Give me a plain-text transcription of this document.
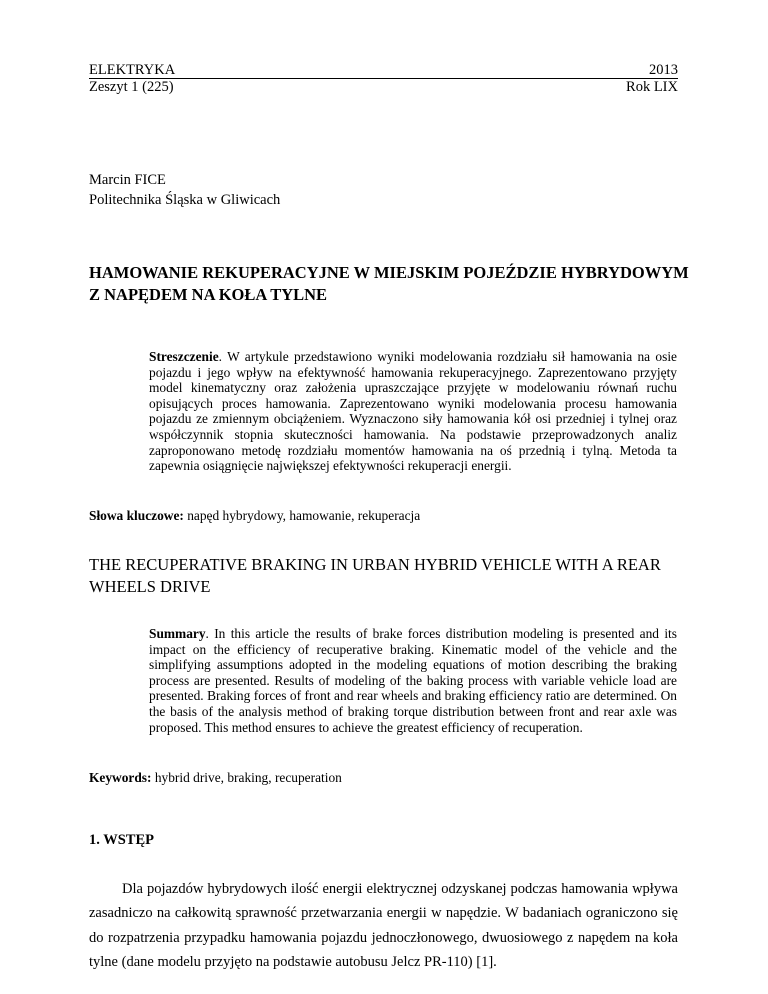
ELEKTRYKA	2013
Zeszyt 1 (225)	Rok LIX
Marcin FICE
Politechnika Śląska w Gliwicach
HAMOWANIE REKUPERACYJNE W MIEJSKIM POJEŹDZIE HYBRYDOWYM Z NAPĘDEM NA KOŁA TYLNE

Streszczenie. W artykule przedstawiono wyniki modelowania rozdziału sił hamowania na osie pojazdu i jego wpływ na efektywność hamowania rekuperacyjnego. Zaprezentowano przyjęty model kinematyczny oraz założenia upraszczające przyjęte w modelowaniu równań ruchu opisujących proces hamowania. Zaprezentowano wyniki modelowania procesu hamowania pojazdu ze zmiennym obciążeniem. Wyznaczono siły hamowania kół osi przedniej i tylnej oraz współczynnik stopnia skuteczności hamowania. Na podstawie przeprowadzonych analiz zaproponowano metodę rozdziału momentów hamowania na oś przednią i tylną. Metoda ta zapewnia osiągnięcie największej efektywności rekuperacji energii.

Słowa kluczowe: napęd hybrydowy, hamowanie, rekuperacja

THE RECUPERATIVE BRAKING IN URBAN HYBRID VEHICLE WITH A REAR WHEELS DRIVE

Summary. In this article the results of brake forces distribution modeling is presented and its impact on the efficiency of recuperative braking. Kinematic model of the vehicle and the simplifying assumptions adopted in the modeling equations of motion describing the braking process are presented. Results of modeling of the baking process with variable vehicle load are presented. Braking forces of front and rear wheels and braking efficiency ratio are determined. On the basis of the analysis method of braking torque distribution between front and rear axle was proposed. This method ensures to achieve the greatest efficiency of recuperation.

Keywords: hybrid drive, braking, recuperation

1. WSTĘP

Dla pojazdów hybrydowych ilość energii elektrycznej odzyskanej podczas hamowania wpływa zasadniczo na całkowitą sprawność przetwarzania energii w napędzie. W badaniach ograniczono się do rozpatrzenia przypadku hamowania pojazdu jednoczłonowego, dwuosiowego z napędem na koła tylne (dane modelu przyjęto na podstawie autobusu Jelcz PR-110) [1].
